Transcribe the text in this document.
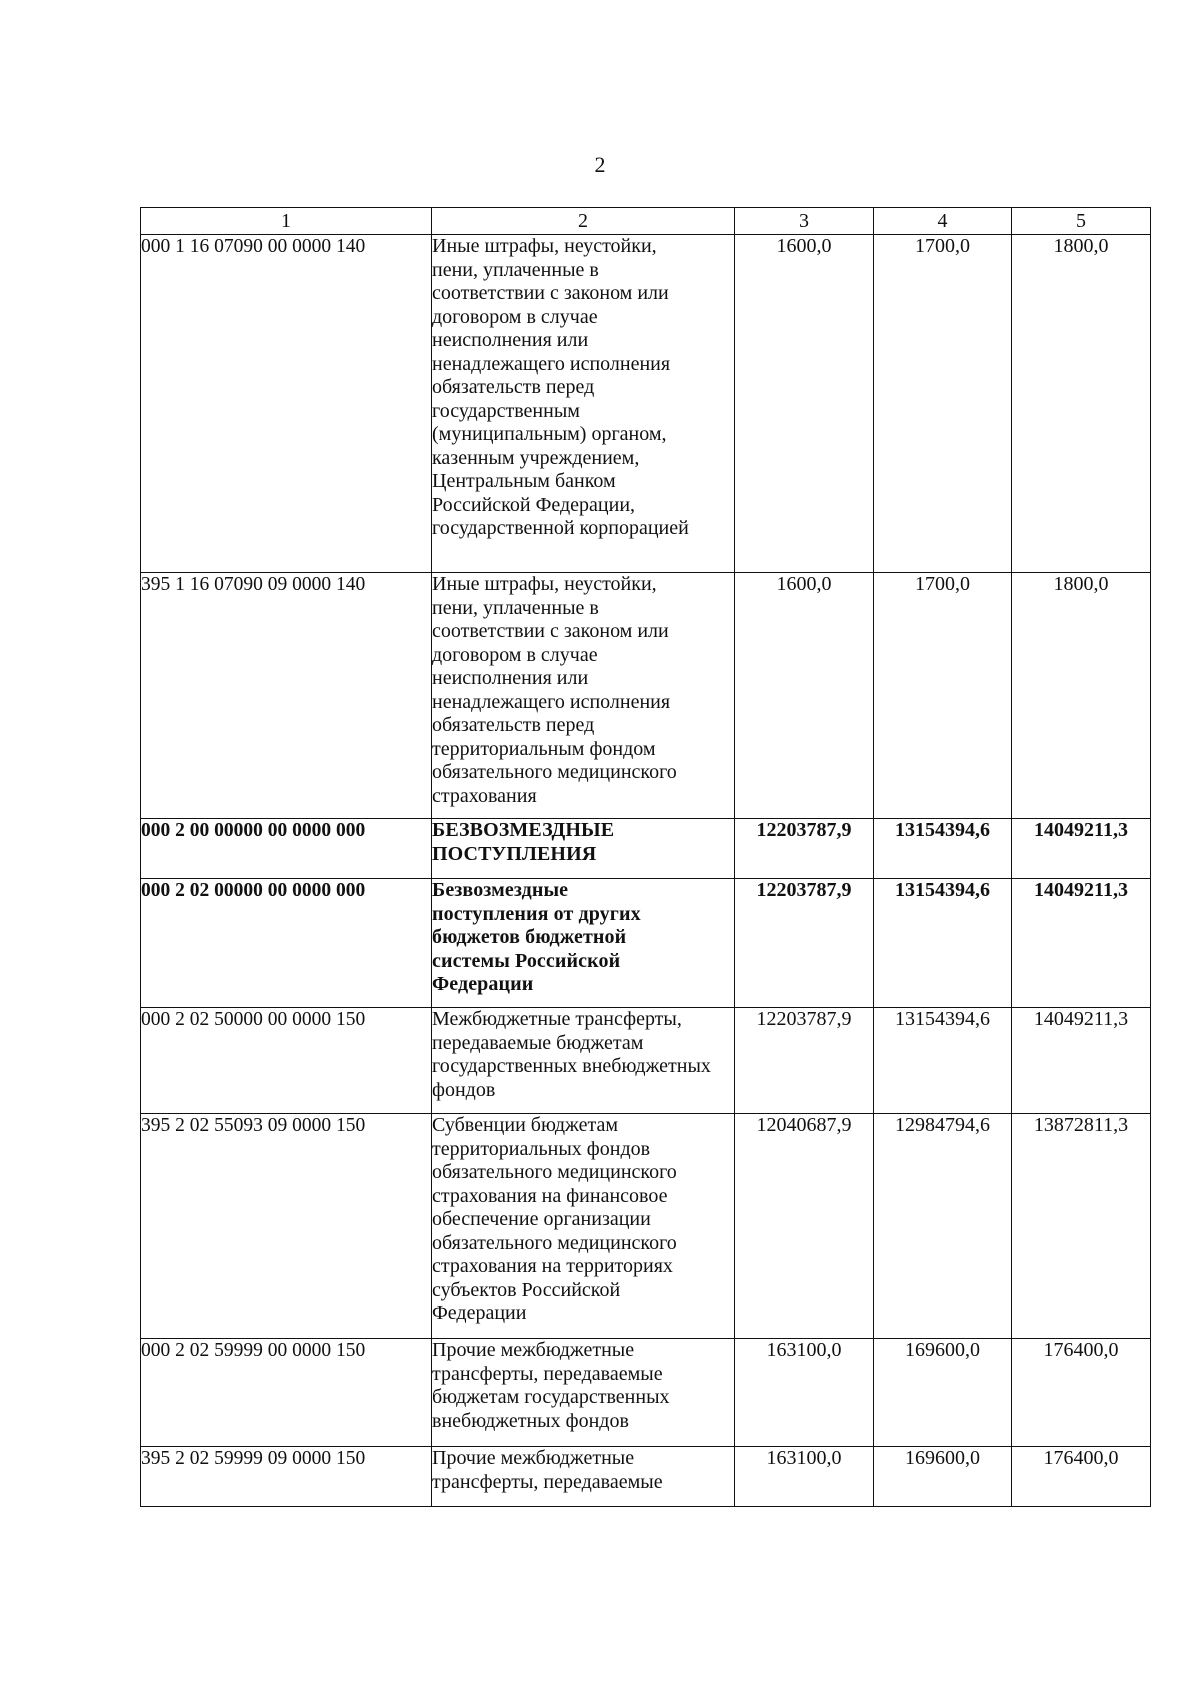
2
1	2	3	4	5
000 1 16 07090 00 0000 140	Иные штрафы, неустойки, пени, уплаченные в соответствии с законом или договором в случае неисполнения или ненадлежащего исполнения обязательств перед государственным (муниципальным) органом, казенным учреждением, Центральным банком Российской Федерации, государственной корпорацией	1600,0	1700,0	1800,0
395 1 16 07090 09 0000 140	Иные штрафы, неустойки, пени, уплаченные в соответствии с законом или договором в случае неисполнения или ненадлежащего исполнения обязательств перед территориальным фондом обязательного медицинского страхования	1600,0	1700,0	1800,0
000 2 00 00000 00 0000 000	БЕЗВОЗМЕЗДНЫЕ ПОСТУПЛЕНИЯ	12203787,9	13154394,6	14049211,3
000 2 02 00000 00 0000 000	Безвозмездные поступления от других бюджетов бюджетной системы Российской Федерации	12203787,9	13154394,6	14049211,3
000 2 02 50000 00 0000 150	Межбюджетные трансферты, передаваемые бюджетам государственных внебюджетных фондов	12203787,9	13154394,6	14049211,3
395 2 02 55093 09 0000 150	Субвенции бюджетам территориальных фондов обязательного медицинского страхования на финансовое обеспечение организации обязательного медицинского страхования на территориях субъектов Российской Федерации	12040687,9	12984794,6	13872811,3
000 2 02 59999 00 0000 150	Прочие межбюджетные трансферты, передаваемые бюджетам государственных внебюджетных фондов	163100,0	169600,0	176400,0
395 2 02 59999 09 0000 150	Прочие межбюджетные трансферты, передаваемые	163100,0	169600,0	176400,0
